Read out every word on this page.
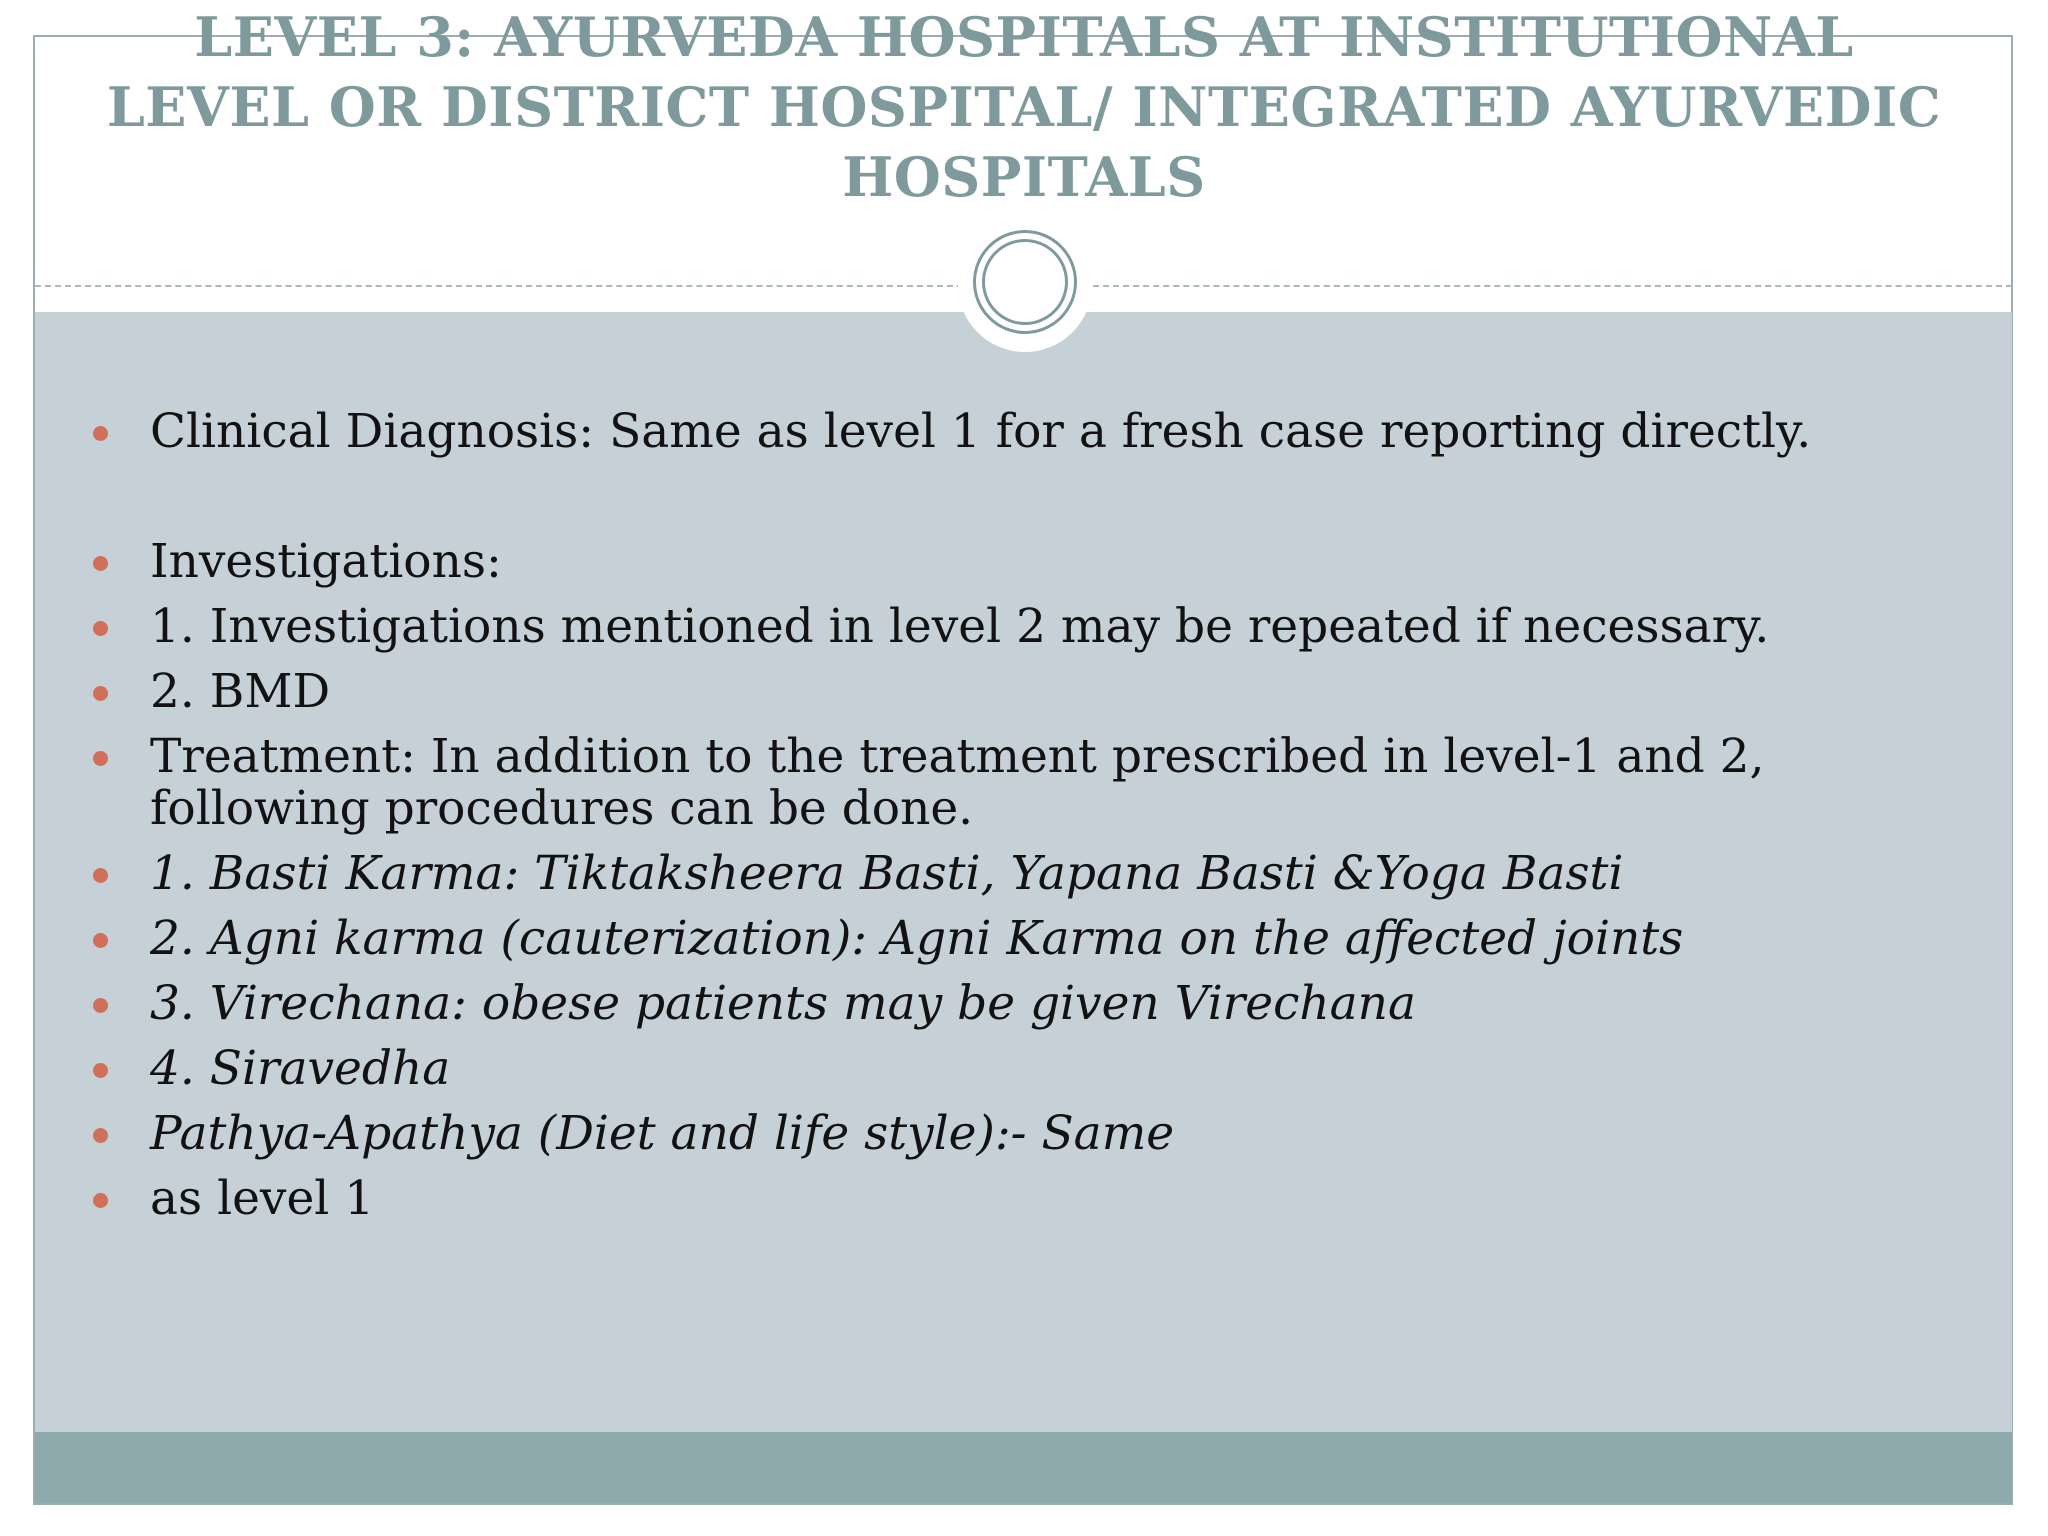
LEVEL 3: AYURVEDA HOSPITALS AT INSTITUTIONAL
LEVEL OR DISTRICT HOSPITAL/ INTEGRATED AYURVEDIC
HOSPITALS
Clinical Diagnosis: Same as level 1 for a fresh case reporting directly.
Investigations:
1. Investigations mentioned in level 2 may be repeated if necessary.
2. BMD
Treatment: In addition to the treatment prescribed in level-1 and 2, following procedures can be done.
1. Basti Karma: Tiktaksheera Basti, Yapana Basti &Yoga Basti
2. Agni karma (cauterization): Agni Karma on the affected joints
3. Virechana: obese patients may be given Virechana
4. Siravedha
Pathya-Apathya (Diet and life style):- Same
as level 1
